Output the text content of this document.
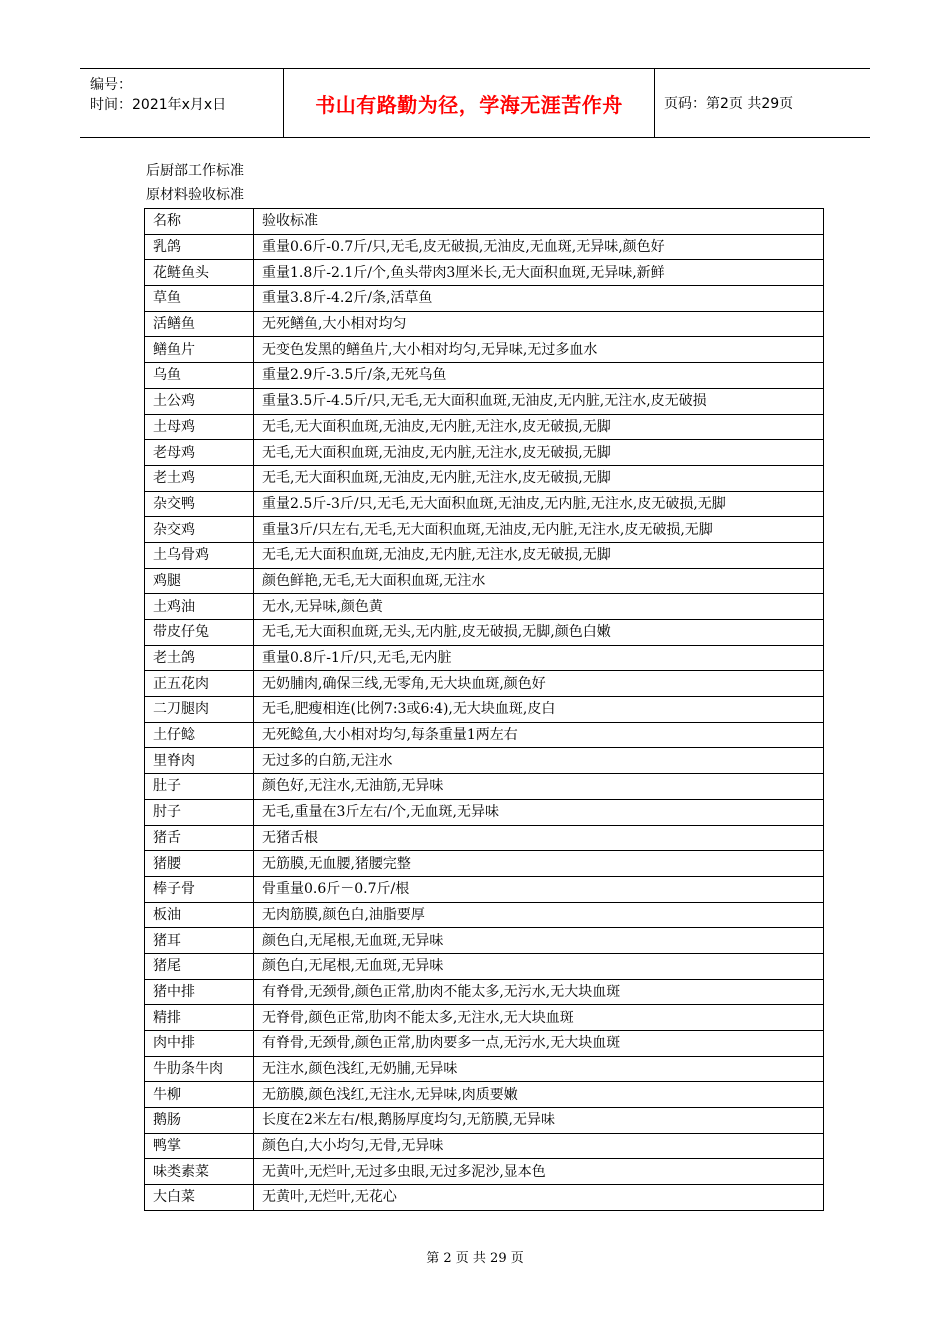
编号：
时间：2021年x月x日	书山有路勤为径，学海无涯苦作舟	页码：第2页 共29页
后厨部工作标准
原材料验收标准
名称	验收标准
乳鸽	重量0.6斤-0.7斤/只,无毛,皮无破损,无油皮,无血斑,无异味,颜色好
花鲢鱼头	重量1.8斤-2.1斤/个,鱼头带肉3厘米长,无大面积血斑,无异味,新鲜
草鱼	重量3.8斤-4.2斤/条,活草鱼
活鳝鱼	无死鳝鱼,大小相对均匀
鳝鱼片	无变色发黑的鳝鱼片,大小相对均匀,无异味,无过多血水
乌鱼	重量2.9斤-3.5斤/条,无死乌鱼
土公鸡	重量3.5斤-4.5斤/只,无毛,无大面积血斑,无油皮,无内脏,无注水,皮无破损
土母鸡	无毛,无大面积血斑,无油皮,无内脏,无注水,皮无破损,无脚
老母鸡	无毛,无大面积血斑,无油皮,无内脏,无注水,皮无破损,无脚
老土鸡	无毛,无大面积血斑,无油皮,无内脏,无注水,皮无破损,无脚
杂交鸭	重量2.5斤-3斤/只,无毛,无大面积血斑,无油皮,无内脏,无注水,皮无破损,无脚
杂交鸡	重量3斤/只左右,无毛,无大面积血斑,无油皮,无内脏,无注水,皮无破损,无脚
土乌骨鸡	无毛,无大面积血斑,无油皮,无内脏,无注水,皮无破损,无脚
鸡腿	颜色鲜艳,无毛,无大面积血斑,无注水
土鸡油	无水,无异味,颜色黄
带皮仔兔	无毛,无大面积血斑,无头,无内脏,皮无破损,无脚,颜色白嫩
老土鸽	重量0.8斤-1斤/只,无毛,无内脏
正五花肉	无奶脯肉,确保三线,无零角,无大块血斑,颜色好
二刀腿肉	无毛,肥瘦相连(比例7:3或6:4),无大块血斑,皮白
土仔鲶	无死鲶鱼,大小相对均匀,每条重量1两左右
里脊肉	无过多的白筋,无注水
肚子	颜色好,无注水,无油筋,无异味
肘子	无毛,重量在3斤左右/个,无血斑,无异味
猪舌	无猪舌根
猪腰	无筋膜,无血腰,猪腰完整
棒子骨	骨重量0.6斤－0.7斤/根
板油	无肉筋膜,颜色白,油脂要厚
猪耳	颜色白,无尾根,无血斑,无异味
猪尾	颜色白,无尾根,无血斑,无异味
猪中排	有脊骨,无颈骨,颜色正常,肋肉不能太多,无污水,无大块血斑
精排	无脊骨,颜色正常,肋肉不能太多,无注水,无大块血斑
肉中排	有脊骨,无颈骨,颜色正常,肋肉要多一点,无污水,无大块血斑
牛肋条牛肉	无注水,颜色浅红,无奶脯,无异味
牛柳	无筋膜,颜色浅红,无注水,无异味,肉质要嫩
鹅肠	长度在2米左右/根,鹅肠厚度均匀,无筋膜,无异味
鸭掌	颜色白,大小均匀,无骨,无异味
味类素菜	无黄叶,无烂叶,无过多虫眼,无过多泥沙,显本色
大白菜	无黄叶,无烂叶,无花心
第 2 页 共 29 页
